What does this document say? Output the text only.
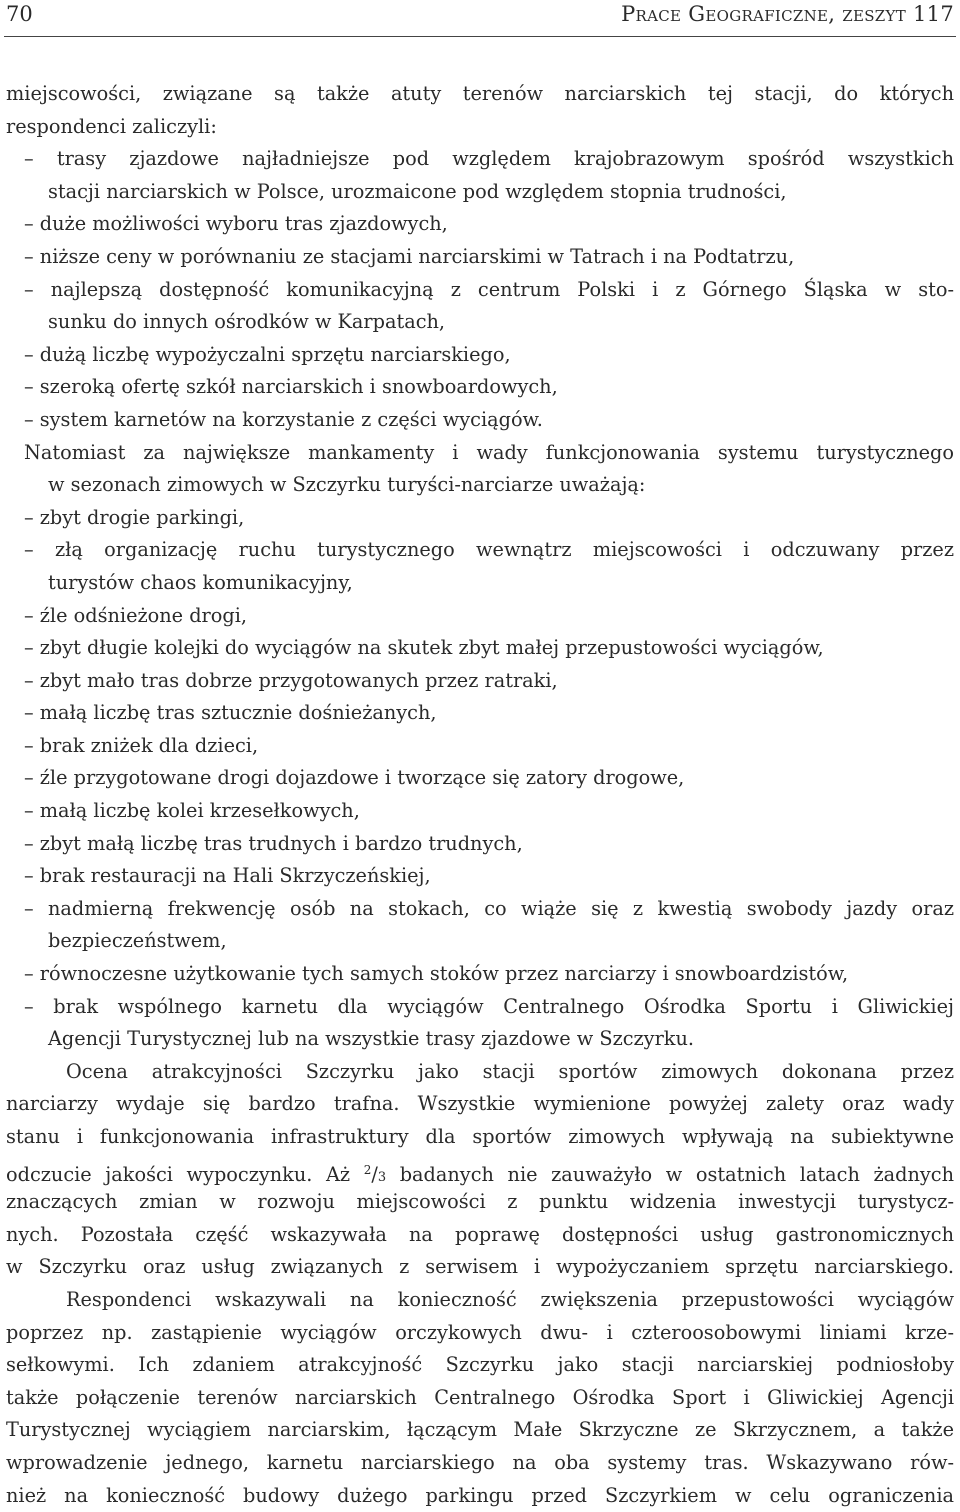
70	Prace Geograficzne, zeszyt 117
miejscowości, związane są także atuty terenów narciarskich tej stacji, do których
respondenci zaliczyli:
– trasy zjazdowe najładniejsze pod względem krajobrazowym spośród wszystkich
stacji narciarskich w Polsce, urozmaicone pod względem stopnia trudności,
– duże możliwości wyboru tras zjazdowych,
– niższe ceny w porównaniu ze stacjami narciarskimi w Tatrach i na Podtatrzu,
– najlepszą dostępność komunikacyjną z centrum Polski i z Górnego Śląska w sto-
sunku do innych ośrodków w Karpatach,
– dużą liczbę wypożyczalni sprzętu narciarskiego,
– szeroką ofertę szkół narciarskich i snowboardowych,
– system karnetów na korzystanie z części wyciągów.
Natomiast za największe mankamenty i wady funkcjonowania systemu turystycznego
w sezonach zimowych w Szczyrku turyści-narciarze uważają:
– zbyt drogie parkingi,
– złą organizację ruchu turystycznego wewnątrz miejscowości i odczuwany przez
turystów chaos komunikacyjny,
– źle odśnieżone drogi,
– zbyt długie kolejki do wyciągów na skutek zbyt małej przepustowości wyciągów,
– zbyt mało tras dobrze przygotowanych przez ratraki,
– małą liczbę tras sztucznie dośnieżanych,
– brak zniżek dla dzieci,
– źle przygotowane drogi dojazdowe i tworzące się zatory drogowe,
– małą liczbę kolei krzesełkowych,
– zbyt małą liczbę tras trudnych i bardzo trudnych,
– brak restauracji na Hali Skrzyczeńskiej,
– nadmierną frekwencję osób na stokach, co wiąże się z kwestią swobody jazdy oraz
bezpieczeństwem,
– równoczesne użytkowanie tych samych stoków przez narciarzy i snowboardzistów,
– brak wspólnego karnetu dla wyciągów Centralnego Ośrodka Sportu i Gliwickiej
Agencji Turystycznej lub na wszystkie trasy zjazdowe w Szczyrku.
Ocena atrakcyjności Szczyrku jako stacji sportów zimowych dokonana przez
narciarzy wydaje się bardzo trafna. Wszystkie wymienione powyżej zalety oraz wady
stanu i funkcjonowania infrastruktury dla sportów zimowych wpływają na subiektywne
odczucie jakości wypoczynku. Aż $^2$/3 badanych nie zauważyło w ostatnich latach żadnych
znaczących zmian w rozwoju miejscowości z punktu widzenia inwestycji turystycz-
nych. Pozostała część wskazywała na poprawę dostępności usług gastronomicznych
w Szczyrku oraz usług związanych z serwisem i wypożyczaniem sprzętu narciarskiego.
Respondenci wskazywali na konieczność zwiększenia przepustowości wyciągów
poprzez np. zastąpienie wyciągów orczykowych dwu- i czteroosobowymi liniami krze-
sełkowymi. Ich zdaniem atrakcyjność Szczyrku jako stacji narciarskiej podniosłoby
także połączenie terenów narciarskich Centralnego Ośrodka Sport i Gliwickiej Agencji
Turystycznej wyciągiem narciarskim, łączącym Małe Skrzyczne ze Skrzycznem, a także
wprowadzenie jednego, karnetu narciarskiego na oba systemy tras. Wskazywano rów-
nież na konieczność budowy dużego parkingu przed Szczyrkiem w celu ograniczenia
